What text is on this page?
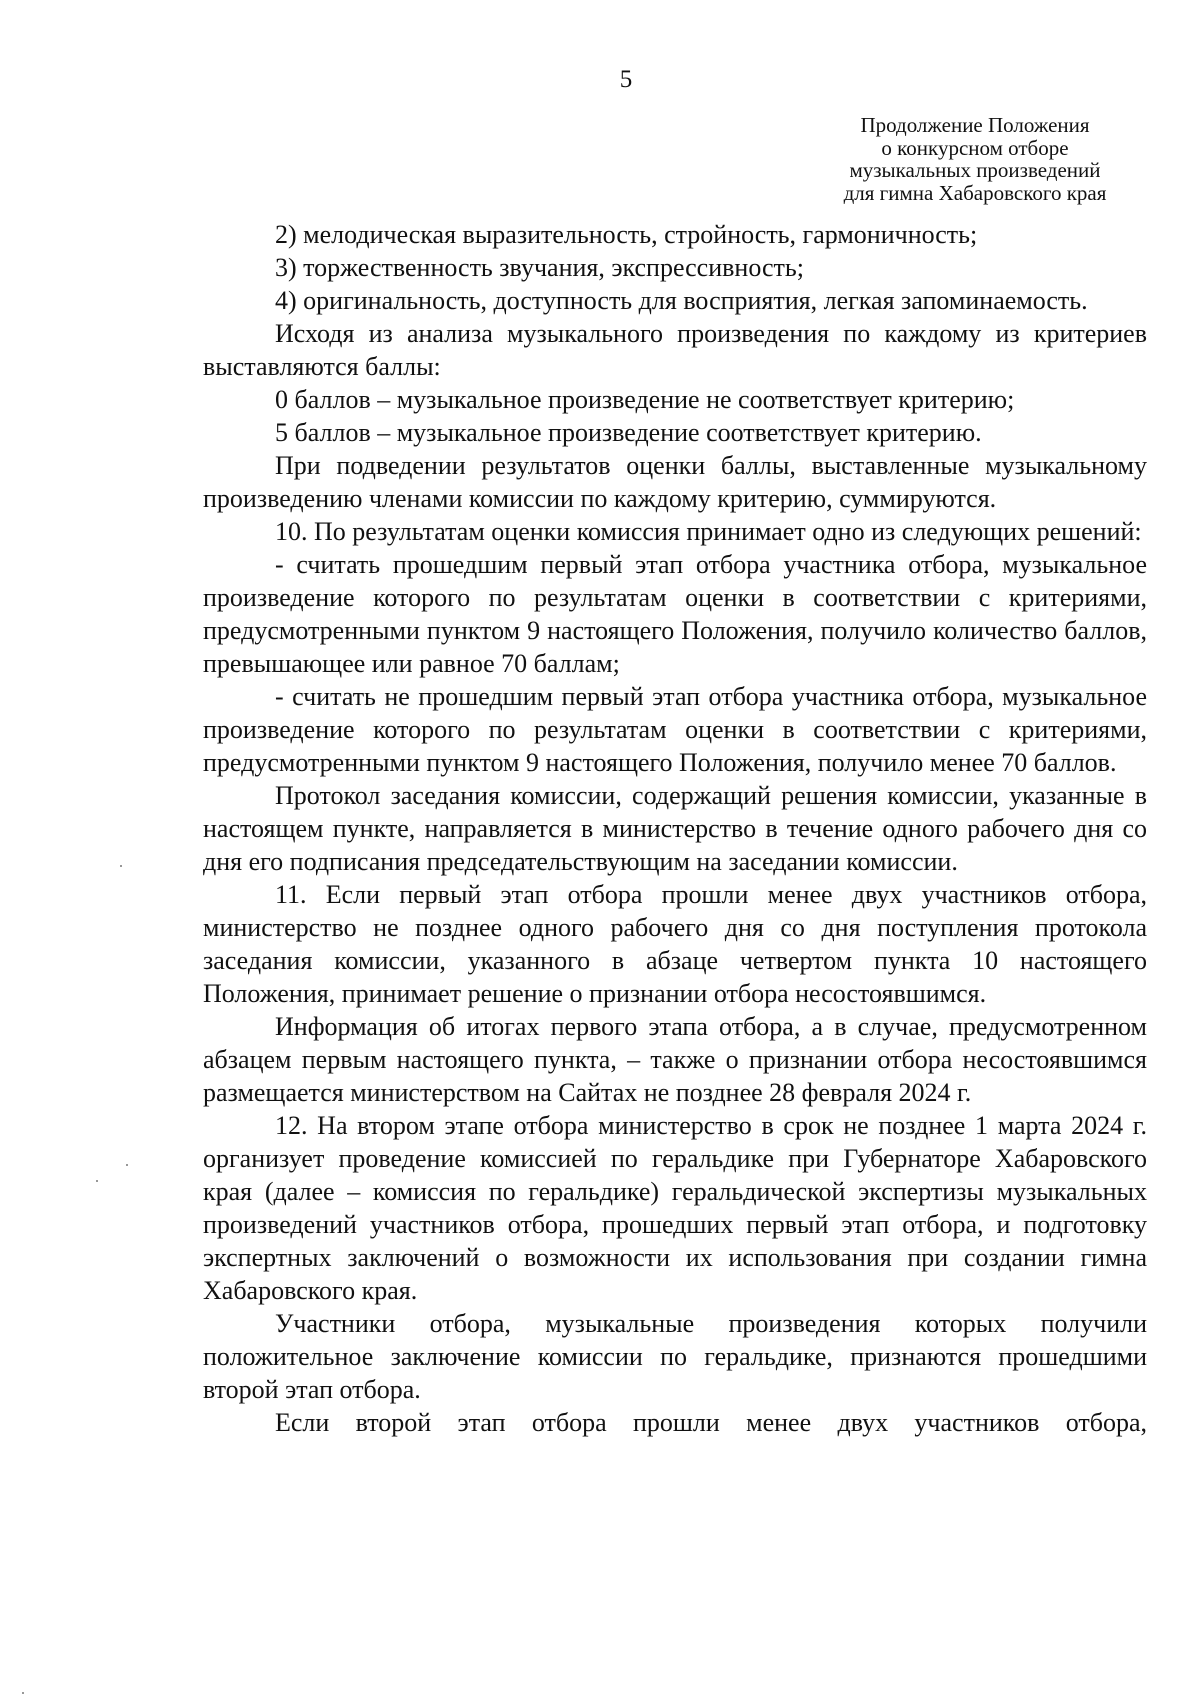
5
Продолжение Положения
о конкурсном отборе
музыкальных произведений
для гимна Хабаровского края

2) мелодическая выразительность, стройность, гармоничность;

3) торжественность звучания, экспрессивность;

4) оригинальность, доступность для восприятия, легкая запоминаемость.

Исходя из анализа музыкального произведения по каждому из критериев выставляются баллы:

0 баллов – музыкальное произведение не соответствует критерию;

5 баллов – музыкальное произведение соответствует критерию.

При подведении результатов оценки баллы, выставленные музыкальному произведению членами комиссии по каждому критерию, суммируются.

10. По результатам оценки комиссия принимает одно из следующих решений:

- считать прошедшим первый этап отбора участника отбора, музыкальное произведение которого по результатам оценки в соответствии с критериями, предусмотренными пунктом 9 настоящего Положения, получило количество баллов, превышающее или равное 70 баллам;

- считать не прошедшим первый этап отбора участника отбора, музыкальное произведение которого по результатам оценки в соответствии с критериями, предусмотренными пунктом 9 настоящего Положения, получило менее 70 баллов.

Протокол заседания комиссии, содержащий решения комиссии, указанные в настоящем пункте, направляется в министерство в течение одного рабочего дня со дня его подписания председательствующим на заседании комиссии.

11. Если первый этап отбора прошли менее двух участников отбора, министерство не позднее одного рабочего дня со дня поступления протокола заседания комиссии, указанного в абзаце четвертом пункта 10 настоящего Положения, принимает решение о признании отбора несостоявшимся.

Информация об итогах первого этапа отбора, а в случае, предусмотренном абзацем первым настоящего пункта, – также о признании отбора несостоявшимся размещается министерством на Сайтах не позднее 28 февраля 2024 г.

12. На втором этапе отбора министерство в срок не позднее 1 марта 2024 г. организует проведение комиссией по геральдике при Губернаторе Хабаровского края (далее – комиссия по геральдике) геральдической экспертизы музыкальных произведений участников отбора, прошедших первый этап отбора, и подготовку экспертных заключений о возможности их использования при создании гимна Хабаровского края.

Участники отбора, музыкальные произведения которых получили положительное заключение комиссии по геральдике, признаются прошедшими второй этап отбора.

Если второй этап отбора прошли менее двух участников отбора,
